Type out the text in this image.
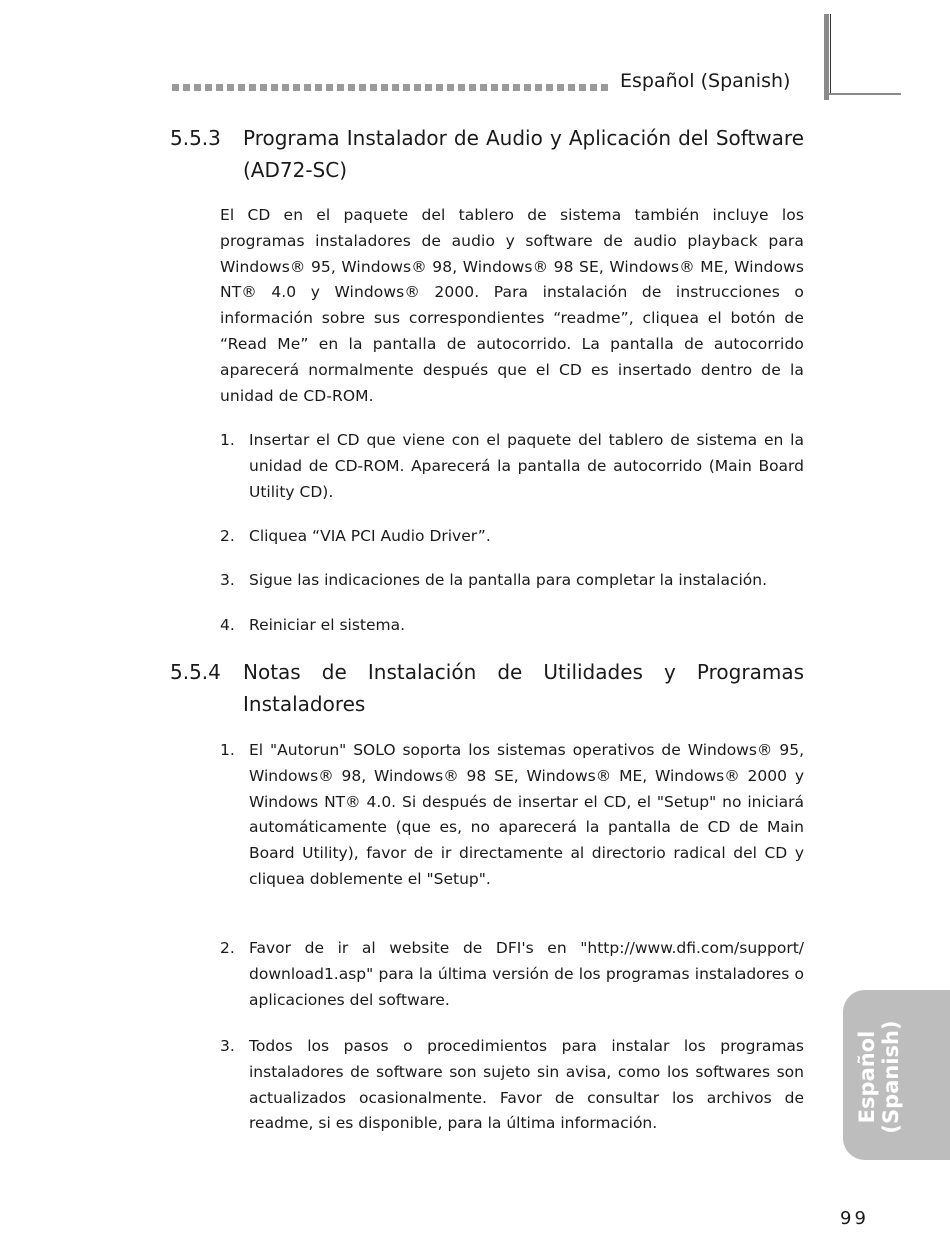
Español (Spanish)
5.5.3 Programa Instalador de Audio y Aplicación del Software (AD72-SC)
El CD en el paquete del tablero de sistema también incluye los programas instaladores de audio y software de audio playback para Windows® 95, Windows® 98, Windows® 98 SE, Windows® ME, Windows NT® 4.0 y Windows® 2000. Para instalación de instrucciones o información sobre sus correspondientes “readme”, cliquea el botón de “Read Me” en la pantalla de autocorrido. La pantalla de autocorrido aparecerá normalmente después que el CD es insertado dentro de la unidad de CD-ROM.
1. Insertar el CD que viene con el paquete del tablero de sistema en la unidad de CD-ROM. Aparecerá la pantalla de autocorrido (Main Board Utility CD).
2. Cliquea “VIA PCI Audio Driver”.
3. Sigue las indicaciones de la pantalla para completar la instalación.
4. Reiniciar el sistema.
5.5.4 Notas de Instalación de Utilidades y Programas Instaladores
1. El "Autorun" SOLO soporta los sistemas operativos de Windows® 95, Windows® 98, Windows® 98 SE, Windows® ME, Windows® 2000 y Windows NT® 4.0. Si después de insertar el CD, el "Setup" no iniciará automáticamente (que es, no aparecerá la pantalla de CD de Main Board Utility), favor de ir directamente al directorio radical del CD y cliquea doblemente el "Setup".
2. Favor de ir al website de DFI's en "http://www.dfi.com/support/ download1.asp" para la última versión de los programas instaladores o aplicaciones del software.
3. Todos los pasos o procedimientos para instalar los programas instaladores de software son sujeto sin avisa, como los softwares son actualizados ocasionalmente. Favor de consultar los archivos de readme, si es disponible, para la última información.
Español (Spanish)
99
